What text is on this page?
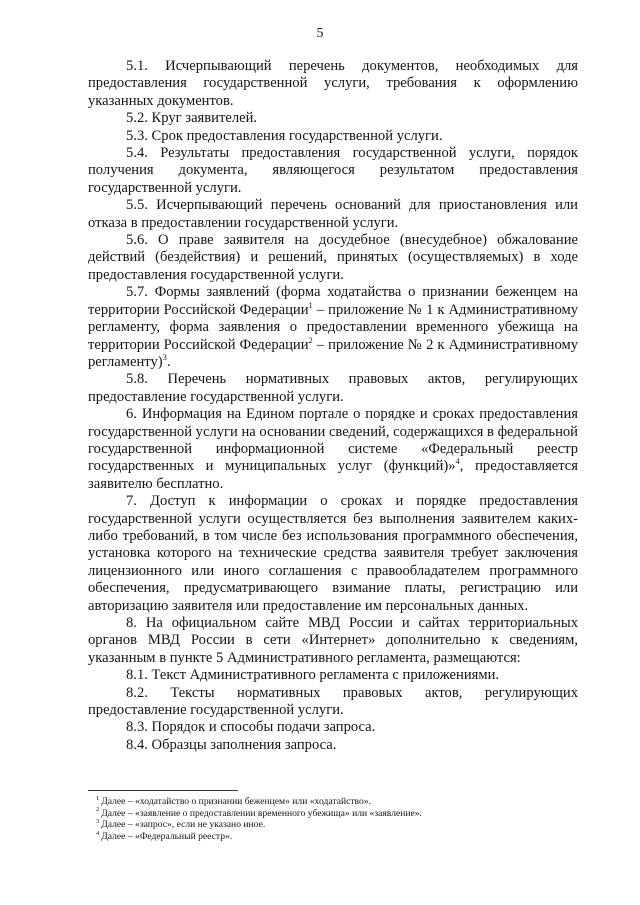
5

5.1. Исчерпывающий перечень документов, необходимых для предоставления государственной услуги, требования к оформлению указанных документов.

5.2. Круг заявителей.

5.3. Срок предоставления государственной услуги.

5.4. Результаты предоставления государственной услуги, порядок получения документа, являющегося результатом предоставления государственной услуги.

5.5. Исчерпывающий перечень оснований для приостановления или отказа в предоставлении государственной услуги.

5.6. О праве заявителя на досудебное (внесудебное) обжалование действий (бездействия) и решений, принятых (осуществляемых) в ходе предоставления государственной услуги.

5.7. Формы заявлений (форма ходатайства о признании беженцем на территории Российской Федерации$^1$ – приложение № 1 к Административному регламенту, форма заявления о предоставлении временного убежища на территории Российской Федерации$^2$ – приложение № 2 к Административному регламенту)$^3$.

5.8. Перечень нормативных правовых актов, регулирующих предоставление государственной услуги.

6. Информация на Едином портале о порядке и сроках предоставления государственной услуги на основании сведений, содержащихся в федеральной государственной информационной системе «Федеральный реестр государственных и муниципальных услуг (функций)»$^4$, предоставляется заявителю бесплатно.

7. Доступ к информации о сроках и порядке предоставления государственной услуги осуществляется без выполнения заявителем каких-либо требований, в том числе без использования программного обеспечения, установка которого на технические средства заявителя требует заключения лицензионного или иного соглашения с правообладателем программного обеспечения, предусматривающего взимание платы, регистрацию или авторизацию заявителя или предоставление им персональных данных.

8. На официальном сайте МВД России и сайтах территориальных органов МВД России в сети «Интернет» дополнительно к сведениям, указанным в пункте 5 Административного регламента, размещаются:

8.1. Текст Административного регламента с приложениями.

8.2. Тексты нормативных правовых актов, регулирующих предоставление государственной услуги.

8.3. Порядок и способы подачи запроса.

8.4. Образцы заполнения запроса.

$^1$ Далее – «ходатайство о признании беженцем» или «ходатайство».

$^2$ Далее – «заявление о предоставлении временного убежища» или «заявление».

$^3$ Далее – «запрос», если не указано иное.

$^4$ Далее – «Федеральный реестр».
